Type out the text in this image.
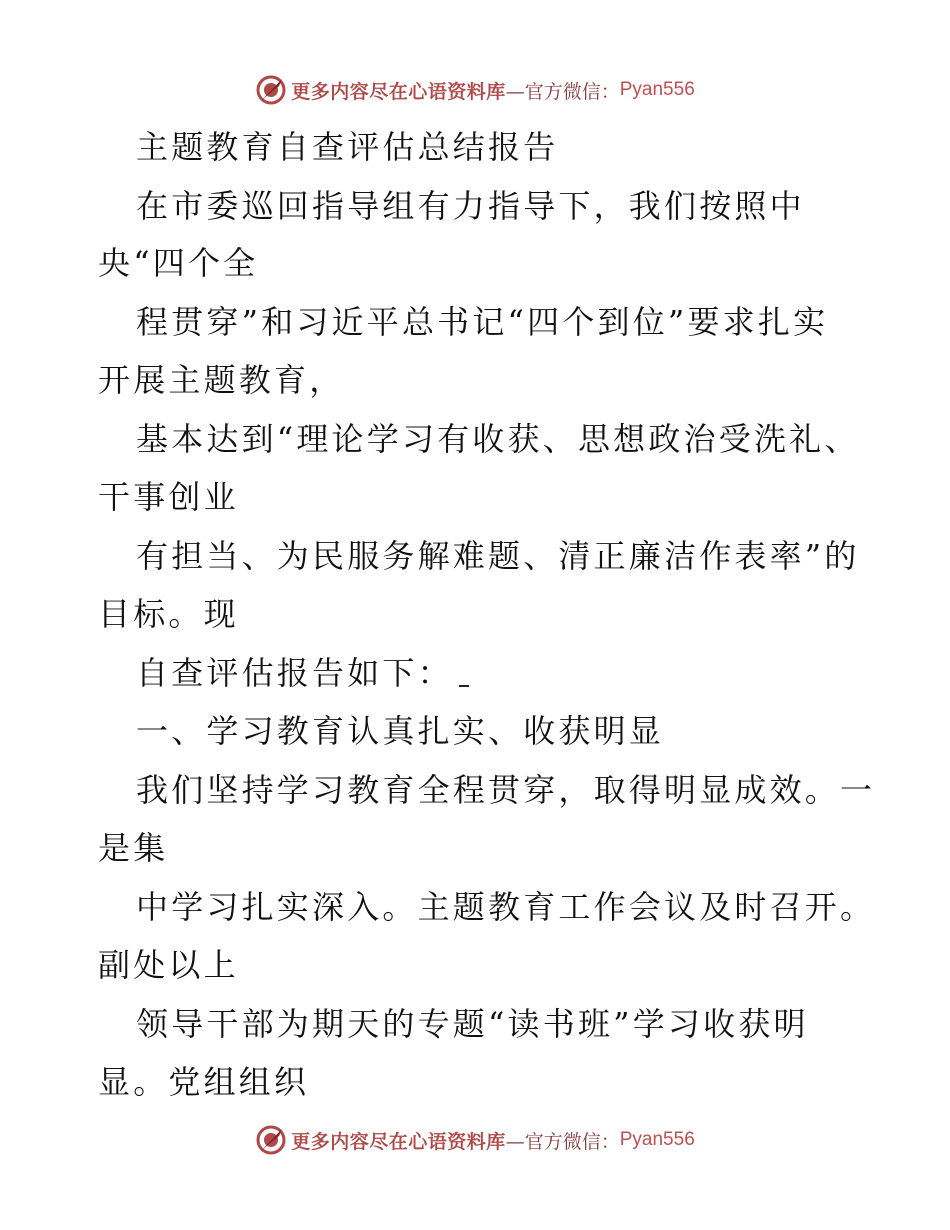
更多内容尽在心语资料库 —官方微信： Pyan556
主题教育自查评估总结报告
在市委巡回指导组有力指导下，我们按照中
央“四个全
程贯穿”和习近平总书记“四个到位”要求扎实
开展主题教育，
基本达到“理论学习有收获、思想政治受洗礼、
干事创业
有担当、为民服务解难题、清正廉洁作表率”的
目标。现
自查评估报告如下：
一、学习教育认真扎实、收获明显
我们坚持学习教育全程贯穿，取得明显成效。一
是集
中学习扎实深入。主题教育工作会议及时召开。
副处以上
领导干部为期天的专题“读书班”学习收获明
显。党组组织
更多内容尽在心语资料库 —官方微信： Pyan556
